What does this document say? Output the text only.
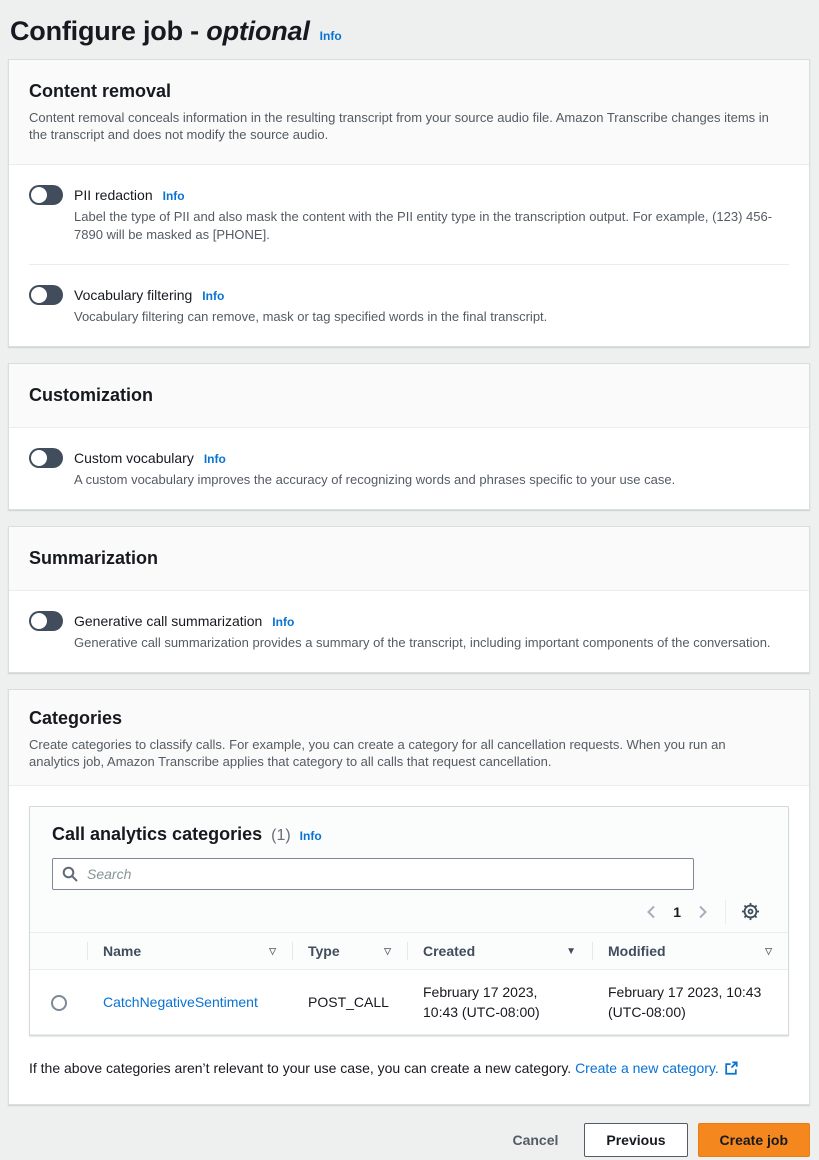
Configure job - optional Info
Content removal

Content removal conceals information in the resulting transcript from your source audio file. Amazon Transcribe changes items in the transcript and does not modify the source audio.

PII redaction Info

Label the type of PII and also mask the content with the PII entity type in the transcription output. For example, (123) 456-7890 will be masked as [PHONE].

Vocabulary filtering Info

Vocabulary filtering can remove, mask or tag specified words in the final transcript.

Customization
Custom vocabulary Info

A custom vocabulary improves the accuracy of recognizing words and phrases specific to your use case.

Summarization
Generative call summarization Info

Generative call summarization provides a summary of the transcript, including important components of the conversation.

Categories

Create categories to classify calls. For example, you can create a category for all cancellation requests. When you run an analytics job, Amazon Transcribe applies that category to all calls that request cancellation.

Call analytics categories (1) Info
Search
1

	Name ▽	Type ▽	Created ▼	Modified ▽

	CatchNegativeSentiment	POST_CALL	February 17 2023, 10:43 (UTC-08:00)	February 17 2023, 10:43 (UTC-08:00)

If the above categories aren’t relevant to your use case, you can create a new category. Create a new category.

Cancel	Previous	Create job
